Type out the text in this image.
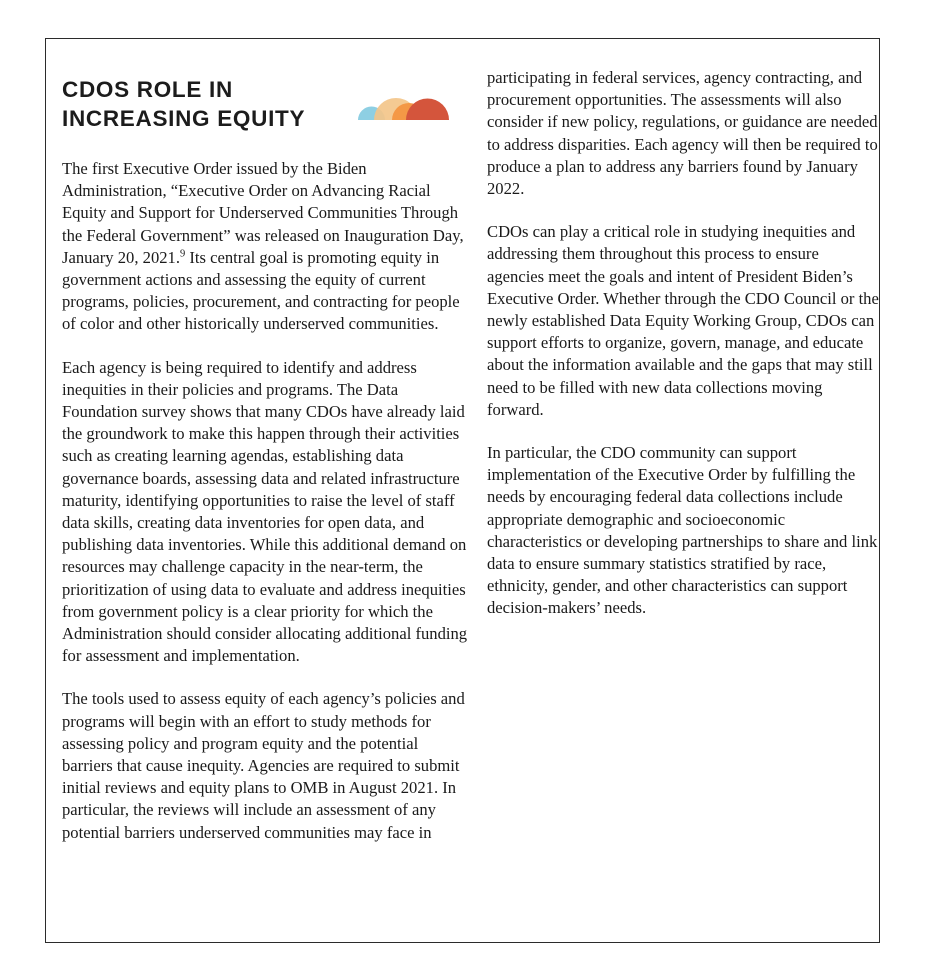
CDOS ROLE IN INCREASING EQUITY

The first Executive Order issued by the Biden Administration, “Executive Order on Advancing Racial Equity and Support for Underserved Communities Through the Federal Government” was released on Inauguration Day, January 20, 2021.$^9$ Its central goal is promoting equity in government actions and assessing the equity of current programs, policies, procurement, and contracting for people of color and other historically underserved communities.

Each agency is being required to identify and address inequities in their policies and programs. The Data Foundation survey shows that many CDOs have already laid the groundwork to make this happen through their activities such as creating learning agendas, establishing data governance boards, assessing data and related infrastructure maturity, identifying opportunities to raise the level of staff data skills, creating data inventories for open data, and publishing data inventories. While this additional demand on resources may challenge capacity in the near-term, the prioritization of using data to evaluate and address inequities from government policy is a clear priority for which the Administration should consider allocating additional funding for assessment and implementation.

The tools used to assess equity of each agency’s policies and programs will begin with an effort to study methods for assessing policy and program equity and the potential barriers that cause inequity. Agencies are required to submit initial reviews and equity plans to OMB in August 2021. In particular, the reviews will include an assessment of any potential barriers underserved communities may face in

participating in federal services, agency contracting, and procurement opportunities. The assessments will also consider if new policy, regulations, or guidance are needed to address disparities. Each agency will then be required to produce a plan to address any barriers found by January 2022.

CDOs can play a critical role in studying inequities and addressing them throughout this process to ensure agencies meet the goals and intent of President Biden’s Executive Order. Whether through the CDO Council or the newly established Data Equity Working Group, CDOs can support efforts to organize, govern, manage, and educate about the information available and the gaps that may still need to be filled with new data collections moving forward.

In particular, the CDO community can support implementation of the Executive Order by fulfilling the needs by encouraging federal data collections include appropriate demographic and socioeconomic characteristics or developing partnerships to share and link data to ensure summary statistics stratified by race, ethnicity, gender, and other characteristics can support decision-makers’ needs.
